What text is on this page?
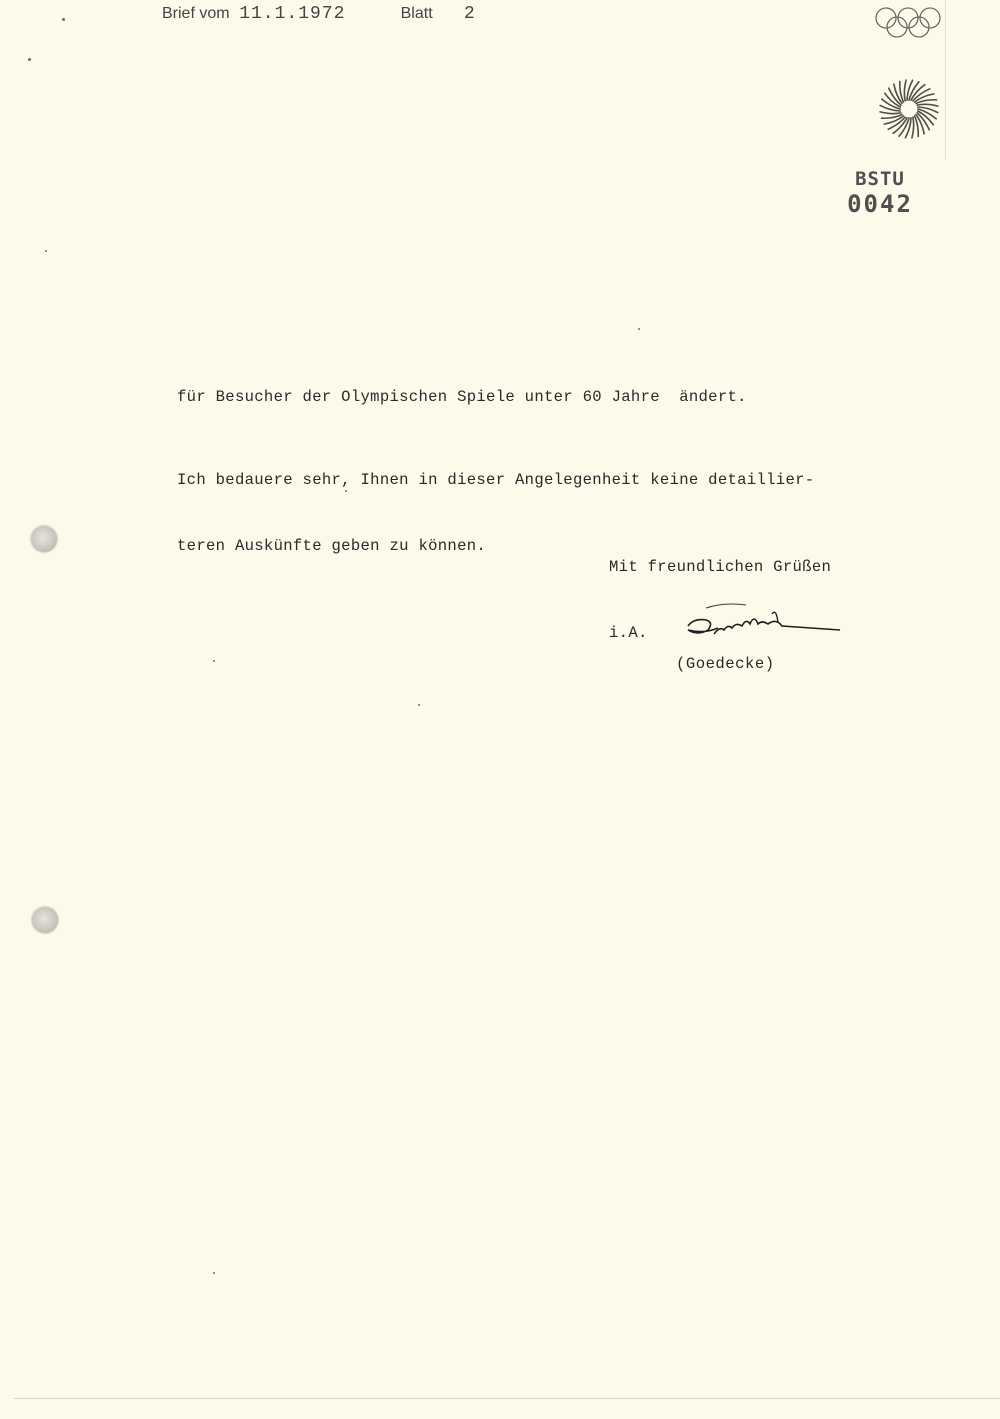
Brief vom 11.1.1972	Blatt 2
BSTU
0042

für Besucher der Olympischen Spiele unter 60 Jahre  ändert.

Ich bedauere sehr, Ihnen in dieser Angelegenheit keine detaillier-

teren Auskünfte geben zu können.

Mit freundlichen Grüßen

i.A.

(Goedecke)
